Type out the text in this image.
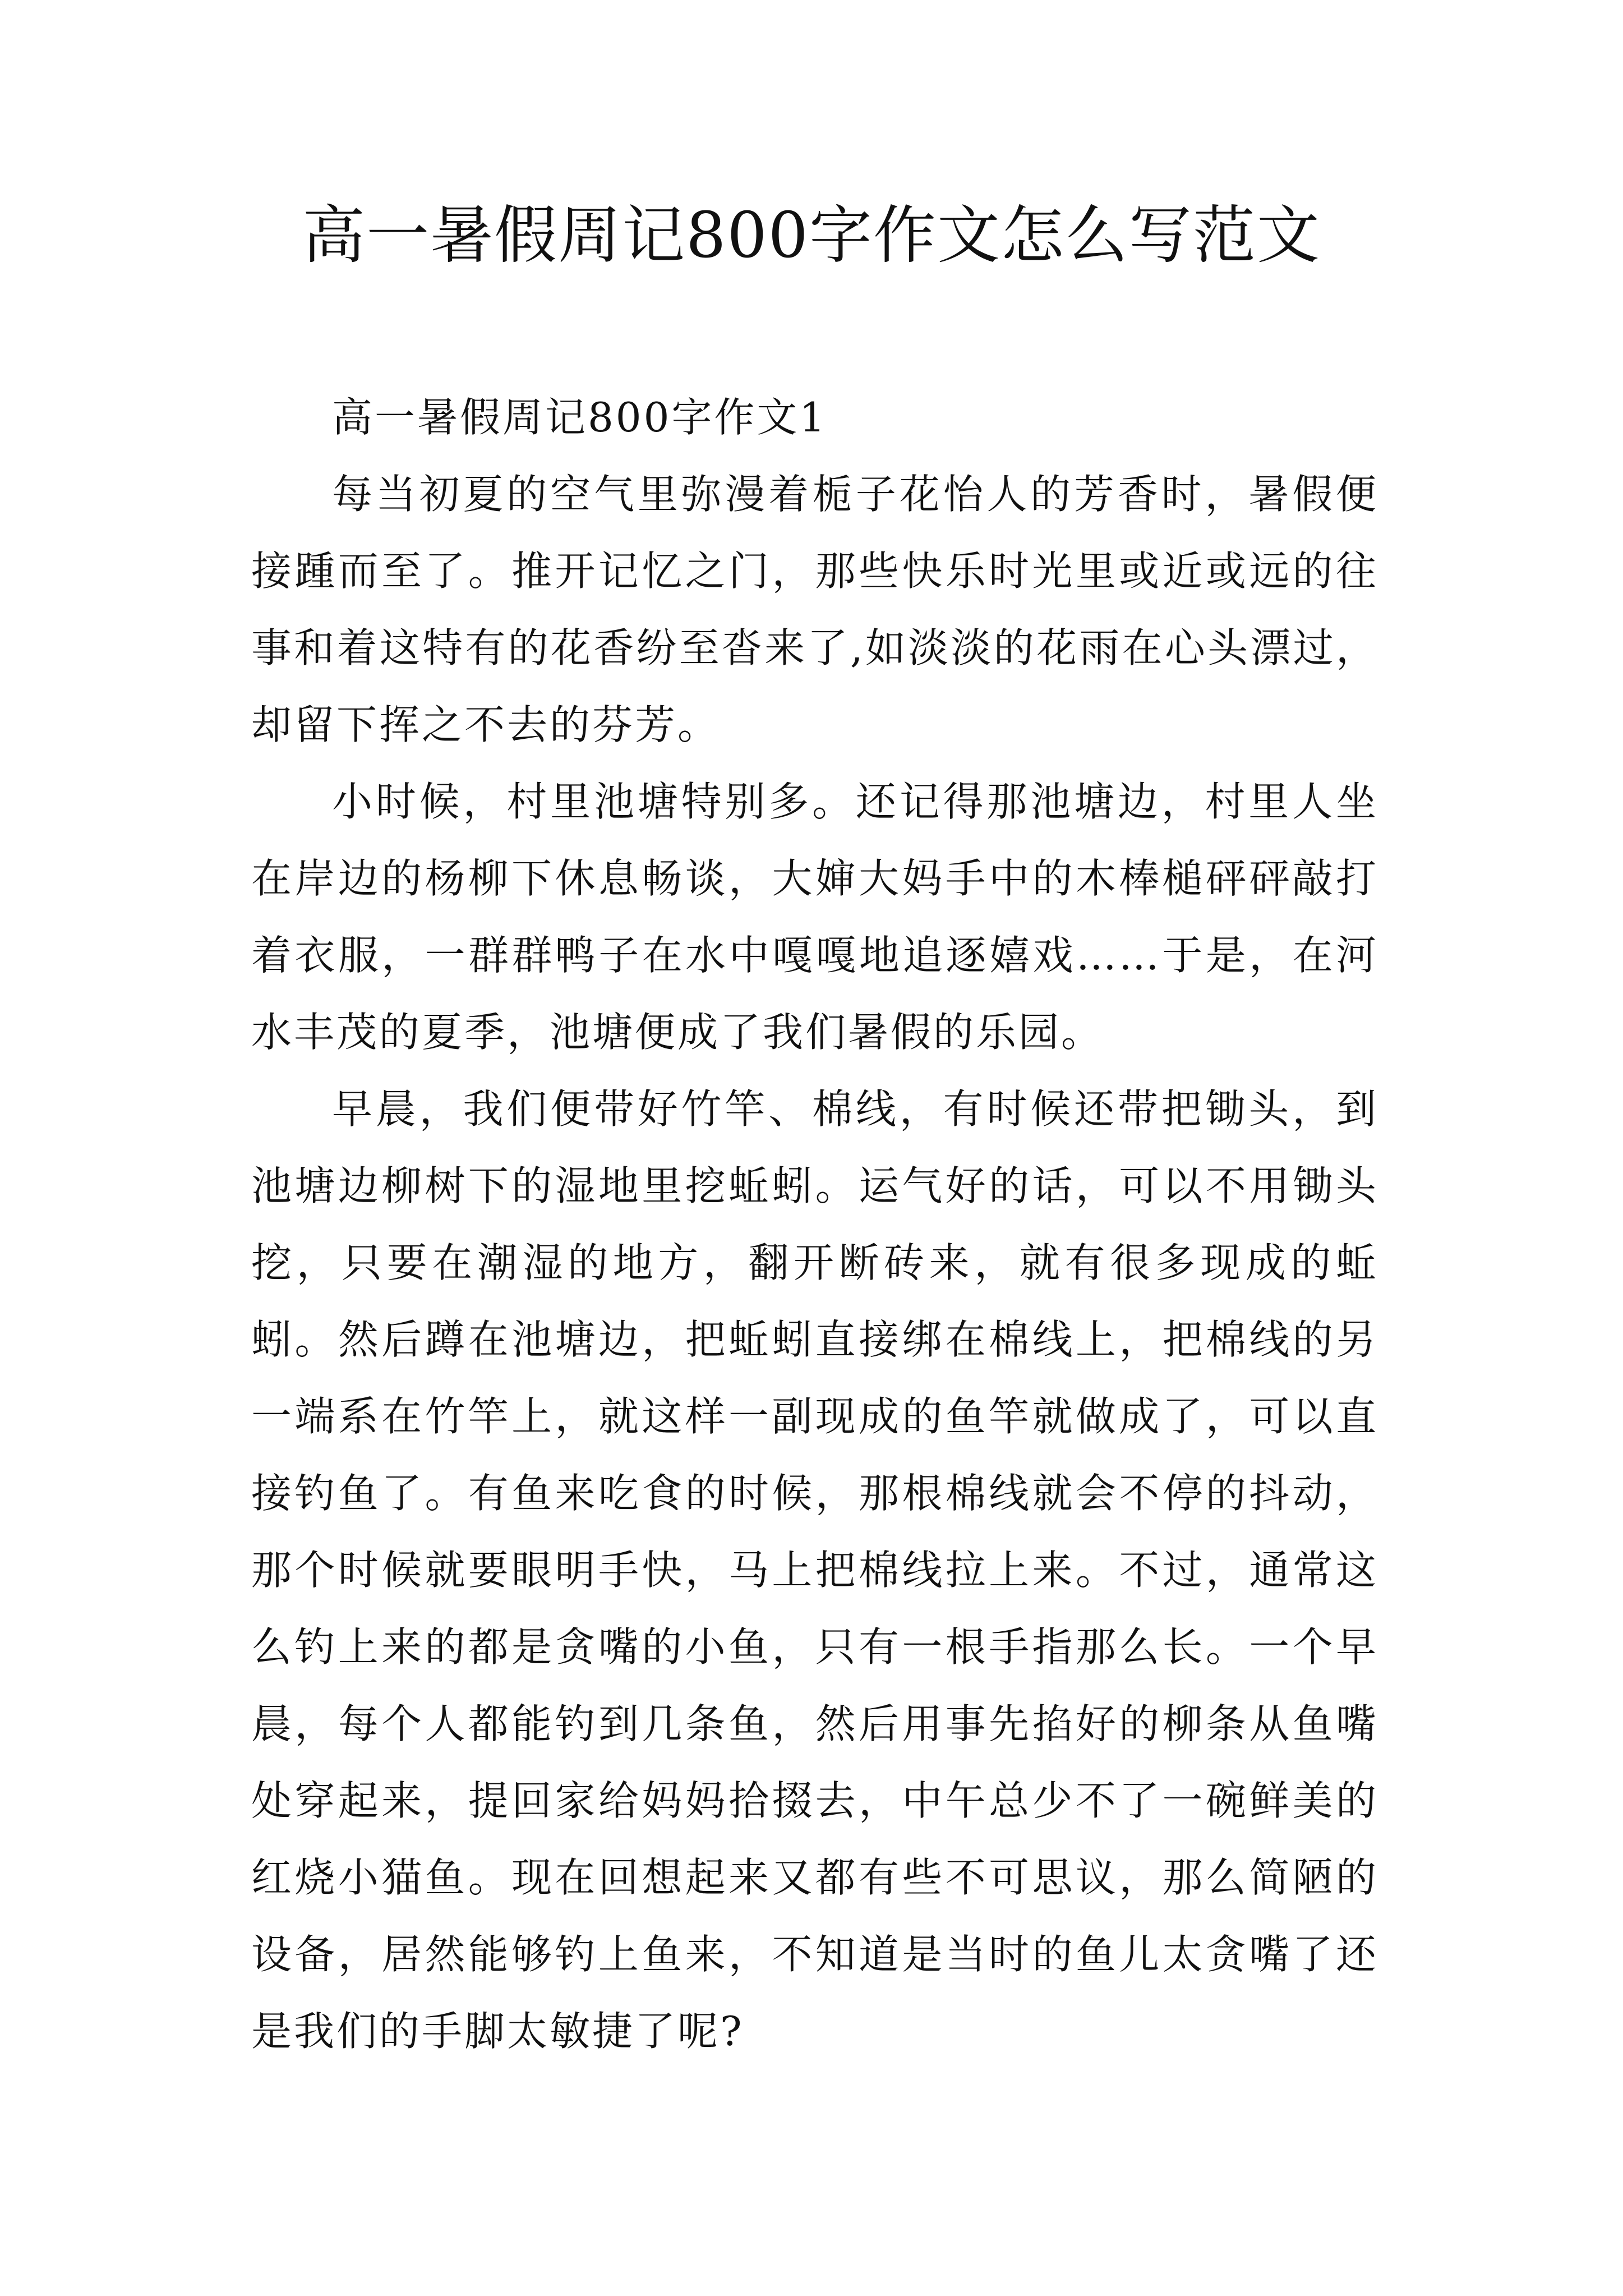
高一暑假周记800字作文怎么写范文

高一暑假周记800字作文1

每当初夏的空气里弥漫着栀子花怡人的芳香时，暑假便接踵而至了。推开记忆之门，那些快乐时光里或近或远的往事和着这特有的花香纷至沓来了,如淡淡的花雨在心头漂过，却留下挥之不去的芬芳。

小时候，村里池塘特别多。还记得那池塘边，村里人坐在岸边的杨柳下休息畅谈，大婶大妈手中的木棒槌砰砰敲打着衣服，一群群鸭子在水中嘎嘎地追逐嬉戏……于是，在河水丰茂的夏季，池塘便成了我们暑假的乐园。

早晨，我们便带好竹竿、棉线，有时候还带把锄头，到池塘边柳树下的湿地里挖蚯蚓。运气好的话，可以不用锄头挖，只要在潮湿的地方，翻开断砖来，就有很多现成的蚯蚓。然后蹲在池塘边，把蚯蚓直接绑在棉线上，把棉线的另一端系在竹竿上，就这样一副现成的鱼竿就做成了，可以直接钓鱼了。有鱼来吃食的时候，那根棉线就会不停的抖动，那个时候就要眼明手快，马上把棉线拉上来。不过，通常这么钓上来的都是贪嘴的小鱼，只有一根手指那么长。一个早晨，每个人都能钓到几条鱼，然后用事先掐好的柳条从鱼嘴处穿起来，提回家给妈妈拾掇去，中午总少不了一碗鲜美的红烧小猫鱼。现在回想起来又都有些不可思议，那么简陋的设备，居然能够钓上鱼来，不知道是当时的鱼儿太贪嘴了还是我们的手脚太敏捷了呢?
